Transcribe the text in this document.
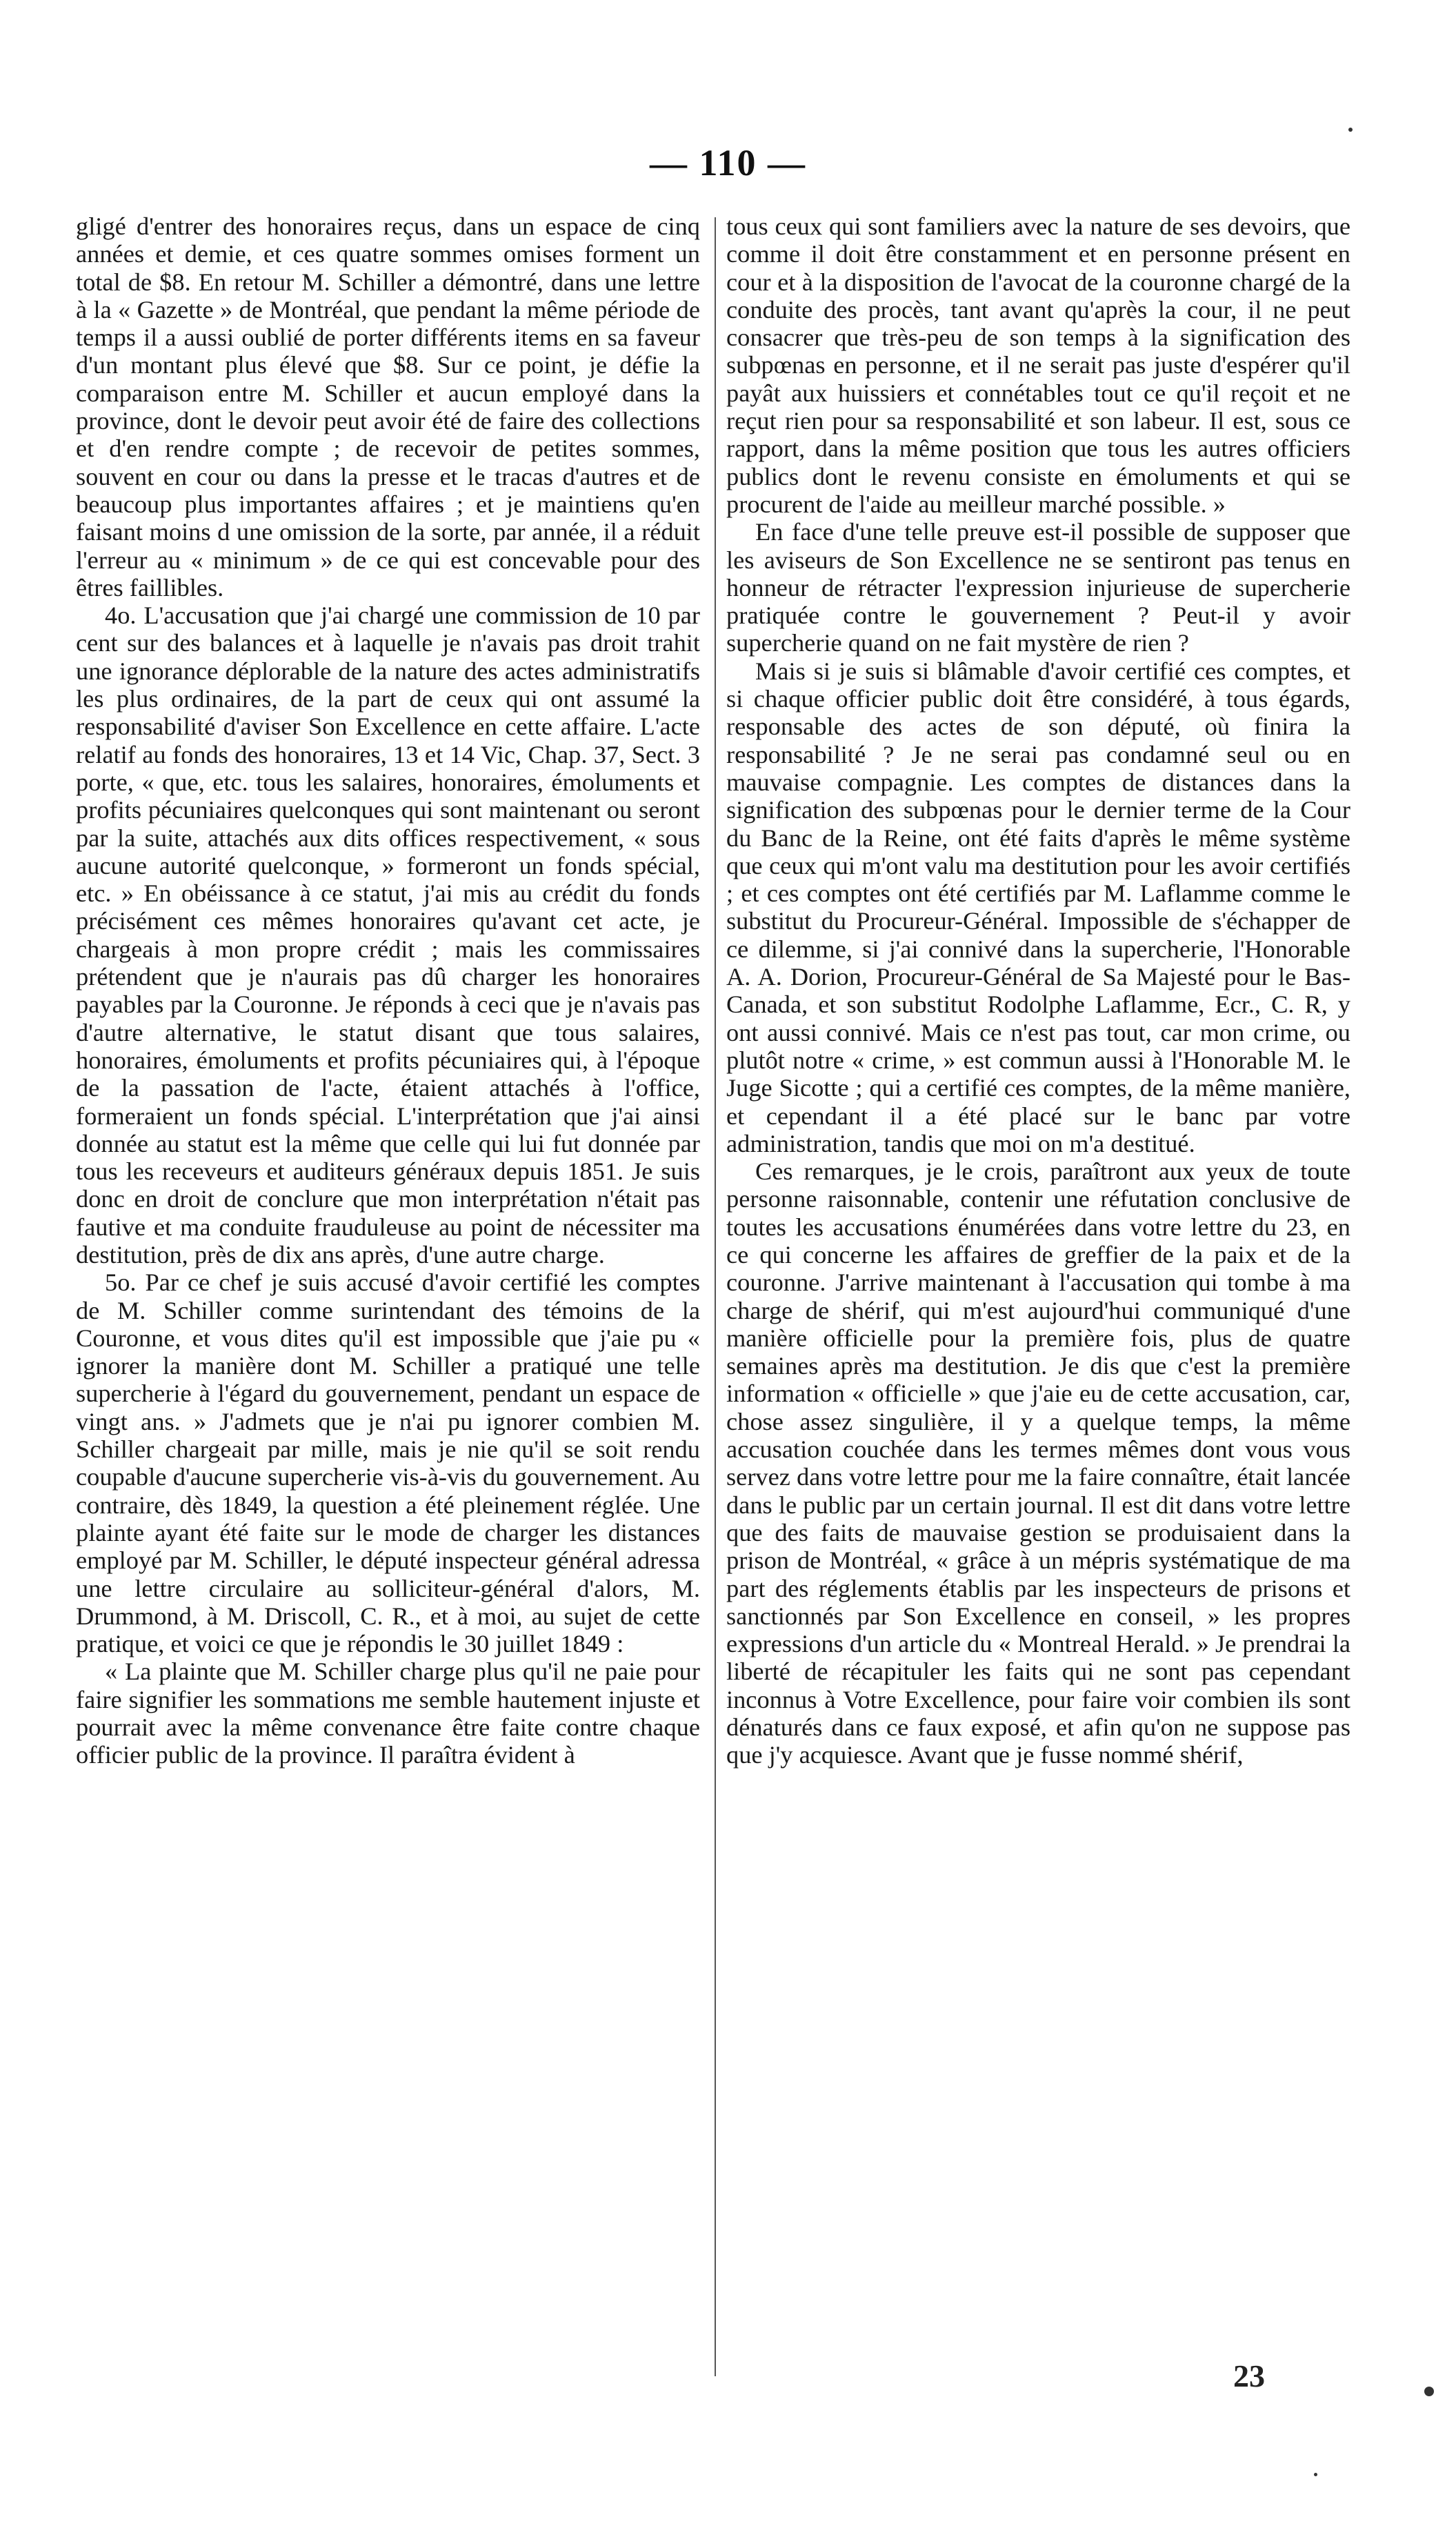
— 110 —

gligé d'entrer des honoraires reçus, dans un espace de cinq années et demie, et ces quatre sommes omises forment un total de $8. En retour M. Schiller a démontré, dans une lettre à la « Gazette » de Montréal, que pendant la même période de temps il a aussi oublié de porter différents items en sa faveur d'un montant plus élevé que $8. Sur ce point, je défie la comparaison entre M. Schiller et aucun employé dans la province, dont le devoir peut avoir été de faire des collections et d'en rendre compte ; de recevoir de petites sommes, souvent en cour ou dans la presse et le tracas d'autres et de beaucoup plus importantes affaires ; et je maintiens qu'en faisant moins d une omission de la sorte, par année, il a réduit l'erreur au « minimum » de ce qui est concevable pour des êtres faillibles.

4o. L'accusation que j'ai chargé une commission de 10 par cent sur des balances et à laquelle je n'avais pas droit trahit une ignorance déplorable de la nature des actes administratifs les plus ordinaires, de la part de ceux qui ont assumé la responsabilité d'aviser Son Excellence en cette affaire. L'acte relatif au fonds des honoraires, 13 et 14 Vic, Chap. 37, Sect. 3 porte, « que, etc. tous les salaires, honoraires, émoluments et profits pécuniaires quelconques qui sont maintenant ou seront par la suite, attachés aux dits offices respectivement, « sous aucune autorité quelconque, » formeront un fonds spécial, etc. » En obéissance à ce statut, j'ai mis au crédit du fonds précisément ces mêmes honoraires qu'avant cet acte, je chargeais à mon propre crédit ; mais les commissaires prétendent que je n'aurais pas dû charger les honoraires payables par la Couronne. Je réponds à ceci que je n'avais pas d'autre alternative, le statut disant que tous salaires, honoraires, émoluments et profits pécuniaires qui, à l'époque de la passation de l'acte, étaient attachés à l'office, formeraient un fonds spécial. L'interprétation que j'ai ainsi donnée au statut est la même que celle qui lui fut donnée par tous les receveurs et auditeurs généraux depuis 1851. Je suis donc en droit de conclure que mon interprétation n'était pas fautive et ma conduite frauduleuse au point de nécessiter ma destitution, près de dix ans après, d'une autre charge.

5o. Par ce chef je suis accusé d'avoir certifié les comptes de M. Schiller comme surintendant des témoins de la Couronne, et vous dites qu'il est impossible que j'aie pu « ignorer la manière dont M. Schiller a pratiqué une telle supercherie à l'égard du gouvernement, pendant un espace de vingt ans. » J'admets que je n'ai pu ignorer combien M. Schiller chargeait par mille, mais je nie qu'il se soit rendu coupable d'aucune supercherie vis-à-vis du gouvernement. Au contraire, dès 1849, la question a été pleinement réglée. Une plainte ayant été faite sur le mode de charger les distances employé par M. Schiller, le député inspecteur général adressa une lettre circulaire au solliciteur-général d'alors, M. Drummond, à M. Driscoll, C. R., et à moi, au sujet de cette pratique, et voici ce que je répondis le 30 juillet 1849 :

« La plainte que M. Schiller charge plus qu'il ne paie pour faire signifier les sommations me semble hautement injuste et pourrait avec la même convenance être faite contre chaque officier public de la province. Il paraîtra évident à

tous ceux qui sont familiers avec la nature de ses devoirs, que comme il doit être constamment et en personne présent en cour et à la disposition de l'avocat de la couronne chargé de la conduite des procès, tant avant qu'après la cour, il ne peut consacrer que très-peu de son temps à la signification des subpœnas en personne, et il ne serait pas juste d'espérer qu'il payât aux huissiers et connétables tout ce qu'il reçoit et ne reçut rien pour sa responsabilité et son labeur. Il est, sous ce rapport, dans la même position que tous les autres officiers publics dont le revenu consiste en émoluments et qui se procurent de l'aide au meilleur marché possible. »

En face d'une telle preuve est-il possible de supposer que les aviseurs de Son Excellence ne se sentiront pas tenus en honneur de rétracter l'expression injurieuse de supercherie pratiquée contre le gouvernement ? Peut-il y avoir supercherie quand on ne fait mystère de rien ?

Mais si je suis si blâmable d'avoir certifié ces comptes, et si chaque officier public doit être considéré, à tous égards, responsable des actes de son député, où finira la responsabilité ? Je ne serai pas condamné seul ou en mauvaise compagnie. Les comptes de distances dans la signification des subpœnas pour le dernier terme de la Cour du Banc de la Reine, ont été faits d'après le même système que ceux qui m'ont valu ma destitution pour les avoir certifiés ; et ces comptes ont été certifiés par M. Laflamme comme le substitut du Procureur-Général. Impossible de s'échapper de ce dilemme, si j'ai connivé dans la supercherie, l'Honorable A. A. Dorion, Procureur-Général de Sa Majesté pour le Bas-Canada, et son substitut Rodolphe Laflamme, Ecr., C. R, y ont aussi connivé. Mais ce n'est pas tout, car mon crime, ou plutôt notre « crime, » est commun aussi à l'Honorable M. le Juge Sicotte ; qui a certifié ces comptes, de la même manière, et cependant il a été placé sur le banc par votre administration, tandis que moi on m'a destitué.

Ces remarques, je le crois, paraîtront aux yeux de toute personne raisonnable, contenir une réfutation conclusive de toutes les accusations énumérées dans votre lettre du 23, en ce qui concerne les affaires de greffier de la paix et de la couronne. J'arrive maintenant à l'accusation qui tombe à ma charge de shérif, qui m'est aujourd'hui communiqué d'une manière officielle pour la première fois, plus de quatre semaines après ma destitution. Je dis que c'est la première information « officielle » que j'aie eu de cette accusation, car, chose assez singulière, il y a quelque temps, la même accusation couchée dans les termes mêmes dont vous vous servez dans votre lettre pour me la faire connaître, était lancée dans le public par un certain journal. Il est dit dans votre lettre que des faits de mauvaise gestion se produisaient dans la prison de Montréal, « grâce à un mépris systématique de ma part des réglements établis par les inspecteurs de prisons et sanctionnés par Son Excellence en conseil, » les propres expressions d'un article du « Montreal Herald. » Je prendrai la liberté de récapituler les faits qui ne sont pas cependant inconnus à Votre Excellence, pour faire voir combien ils sont dénaturés dans ce faux exposé, et afin qu'on ne suppose pas que j'y acquiesce. Avant que je fusse nommé shérif,

23
